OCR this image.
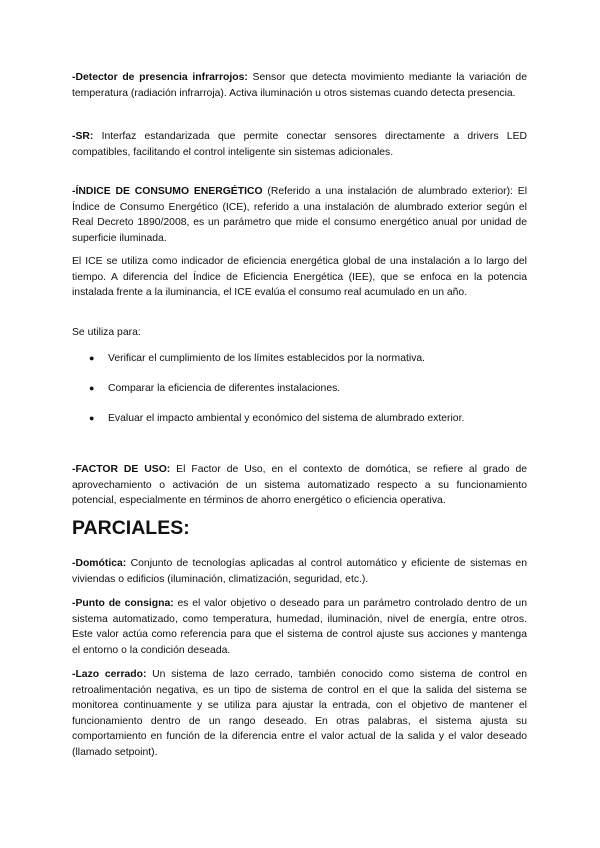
-Detector de presencia infrarrojos: Sensor que detecta movimiento mediante la variación de temperatura (radiación infrarroja). Activa iluminación u otros sistemas cuando detecta presencia.
-SR: Interfaz estandarizada que permite conectar sensores directamente a drivers LED compatibles, facilitando el control inteligente sin sistemas adicionales.
-ÍNDICE DE CONSUMO ENERGÉTICO (Referido a una instalación de alumbrado exterior): El Índice de Consumo Energético (ICE), referido a una instalación de alumbrado exterior según el Real Decreto 1890/2008, es un parámetro que mide el consumo energético anual por unidad de superficie iluminada.
El ICE se utiliza como indicador de eficiencia energética global de una instalación a lo largo del tiempo. A diferencia del Índice de Eficiencia Energética (IEE), que se enfoca en la potencia instalada frente a la iluminancia, el ICE evalúa el consumo real acumulado en un año.
Se utiliza para:
● Verificar el cumplimiento de los límites establecidos por la normativa.
● Comparar la eficiencia de diferentes instalaciones.
● Evaluar el impacto ambiental y económico del sistema de alumbrado exterior.
-FACTOR DE USO: El Factor de Uso, en el contexto de domótica, se refiere al grado de aprovechamiento o activación de un sistema automatizado respecto a su funcionamiento potencial, especialmente en términos de ahorro energético o eficiencia operativa.
PARCIALES:
-Domótica: Conjunto de tecnologías aplicadas al control automático y eficiente de sistemas en viviendas o edificios (iluminación, climatización, seguridad, etc.).
-Punto de consigna: es el valor objetivo o deseado para un parámetro controlado dentro de un sistema automatizado, como temperatura, humedad, iluminación, nivel de energía, entre otros. Este valor actúa como referencia para que el sistema de control ajuste sus acciones y mantenga el entorno o la condición deseada.
-Lazo cerrado: Un sistema de lazo cerrado, también conocido como sistema de control en retroalimentación negativa, es un tipo de sistema de control en el que la salida del sistema se monitorea continuamente y se utiliza para ajustar la entrada, con el objetivo de mantener el funcionamiento dentro de un rango deseado. En otras palabras, el sistema ajusta su comportamiento en función de la diferencia entre el valor actual de la salida y el valor deseado (llamado setpoint).
